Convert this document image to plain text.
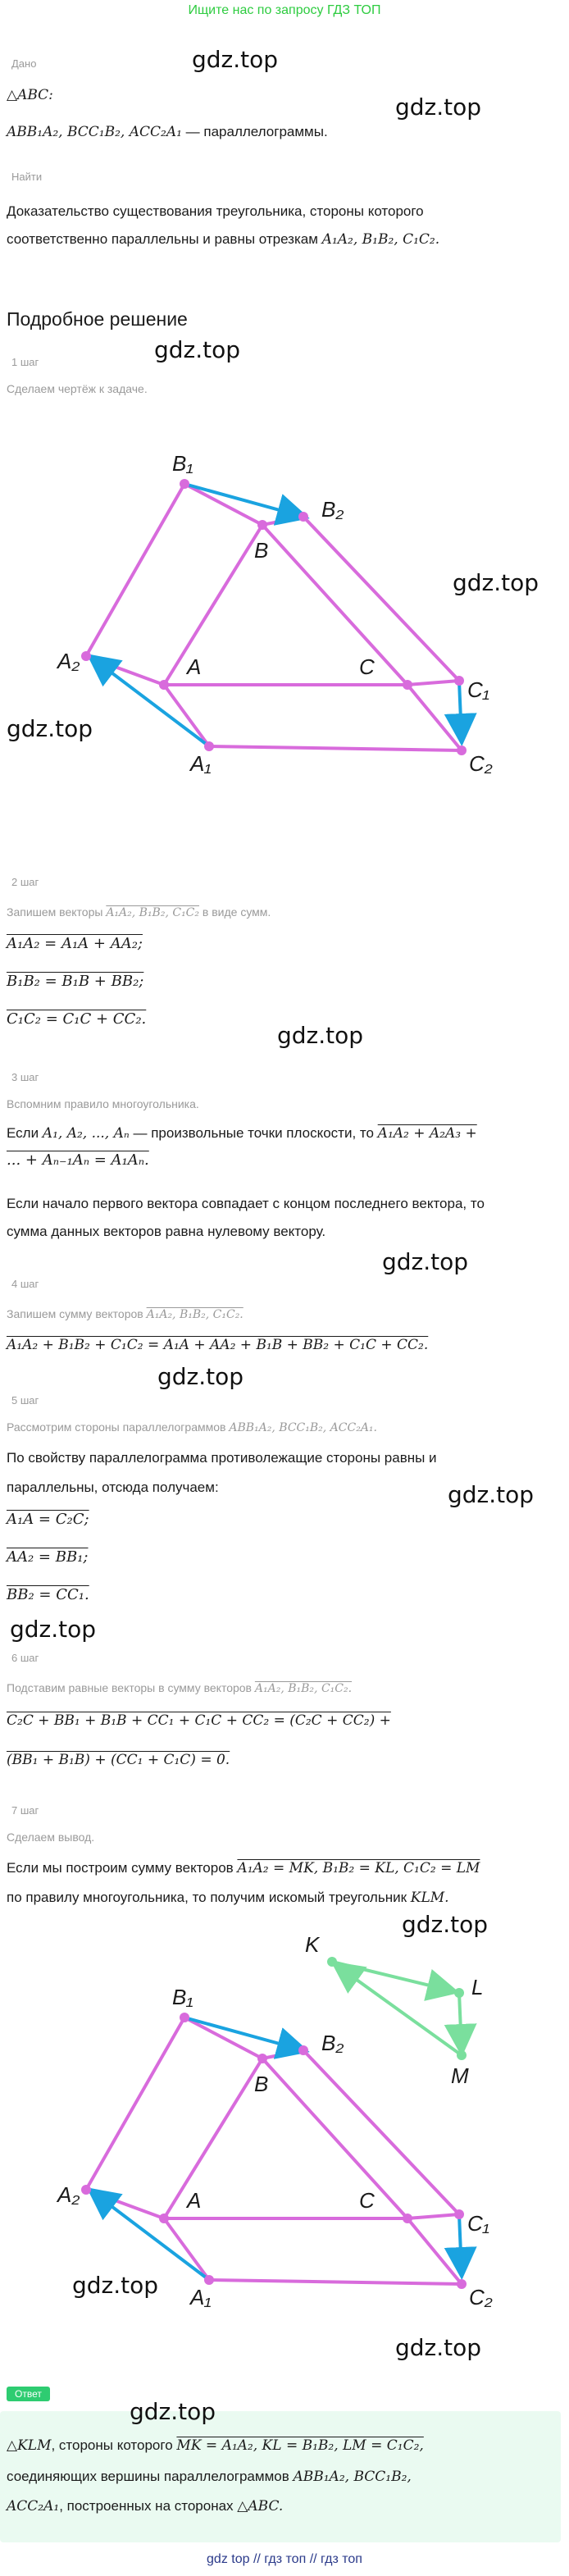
Ищите нас по запросу ГДЗ ТОП
Дано	gdz.top
△ABC:	gdz.top
ABB₁A₂, BCC₁B₂, ACC₂A₁ — параллелограммы.
Найти
Доказательство существования треугольника, стороны которого
соответственно параллельны и равны отрезкам A₁A₂, B₁B₂, C₁C₂.
Подробное решение
1 шаг	gdz.top
Сделаем чертёж к задаче.
B₁
B₂
B
A₂	A	C
C₁
A₁	C₂
gdz.top
gdz.top
2 шаг
Запишем векторы A₁A₂, B₁B₂, C₁C₂ в виде сумм.
A₁A₂ = A₁A + AA₂;
B₁B₂ = B₁B + BB₂;
C₁C₂ = C₁C + CC₂.
gdz.top
3 шаг
Вспомним правило многоугольника.
Если A₁, A₂, ..., Aₙ — произвольные точки плоскости, то A₁A₂ + A₂A₃ +
... + Aₙ₋₁Aₙ = A₁Aₙ.
Если начало первого вектора совпадает с концом последнего вектора, то
сумма данных векторов равна нулевому вектору.
gdz.top
4 шаг
Запишем сумму векторов A₁A₂, B₁B₂, C₁C₂.
A₁A₂ + B₁B₂ + C₁C₂ = A₁A + AA₂ + B₁B + BB₂ + C₁C + CC₂.
gdz.top
5 шаг
Рассмотрим стороны параллелограммов ABB₁A₂, BCC₁B₂, ACC₂A₁.
По свойству параллелограмма противолежащие стороны равны и
параллельны, отсюда получаем:	gdz.top
A₁A = C₂C;
AA₂ = BB₁;
BB₂ = CC₁.
gdz.top
6 шаг
Подставим равные векторы в сумму векторов A₁A₂, B₁B₂, C₁C₂.
C₂C + BB₁ + B₁B + CC₁ + C₁C + CC₂ = (C₂C + CC₂) +
(BB₁ + B₁B) + (CC₁ + C₁C) = 0.
7 шаг
Сделаем вывод.
Если мы построим сумму векторов A₁A₂ = MK, B₁B₂ = KL, C₁C₂ = LM
по правилу многоугольника, то получим искомый треугольник KLM.
gdz.top
K
L
M
B₁
B₂
B
A₂	A	C
C₁
A₁	C₂
gdz.top
gdz.top
Ответ
gdz.top
△KLM, стороны которого MK = A₁A₂, KL = B₁B₂, LM = C₁C₂,
соединяющих вершины параллелограммов ABB₁A₂, BCC₁B₂,
ACC₂A₁, построенных на сторонах △ABC.
gdz top // гдз топ // гдз топ
